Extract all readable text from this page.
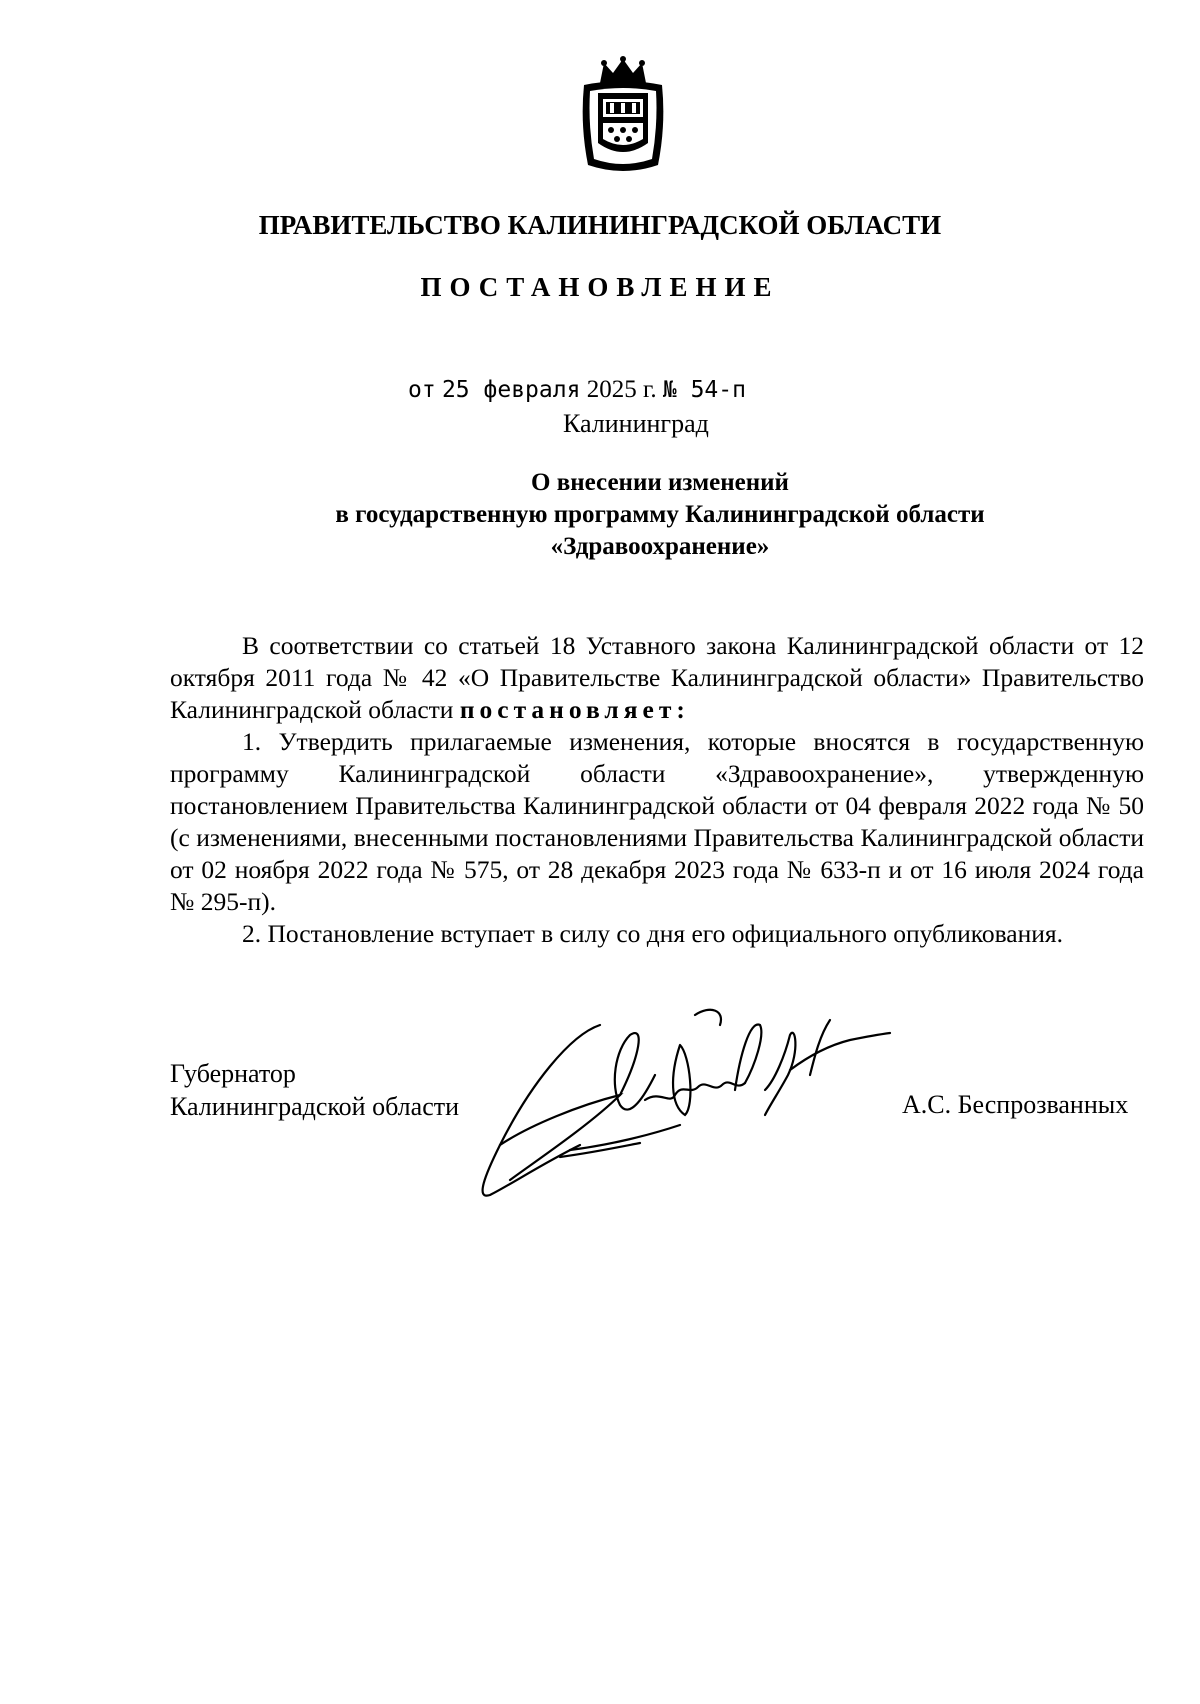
ПРАВИТЕЛЬСТВО КАЛИНИНГРАДСКОЙ ОБЛАСТИ
ПОСТАНОВЛЕНИЕ
от 25 февраля 2025 г. № 54-п
Калининград
О внесении изменений
в государственную программу Калининградской области
«Здравоохранение»

В соответствии со статьей 18 Уставного закона Калининградской области от 12 октября 2011 года № 42 «О Правительстве Калининградской области» Правительство Калининградской области постановляет:

1. Утвердить прилагаемые изменения, которые вносятся в государственную программу Калининградской области «Здравоохранение», утвержденную постановлением Правительства Калининградской области от 04 февраля 2022 года № 50 (с изменениями, внесенными постановлениями Правительства Калининградской области от 02 ноября 2022 года № 575, от 28 декабря 2023 года № 633-п и от 16 июля 2024 года № 295-п).

2. Постановление вступает в силу со дня его официального опубликования.

Губернатор
Калининградской области	А.С. Беспрозванных
